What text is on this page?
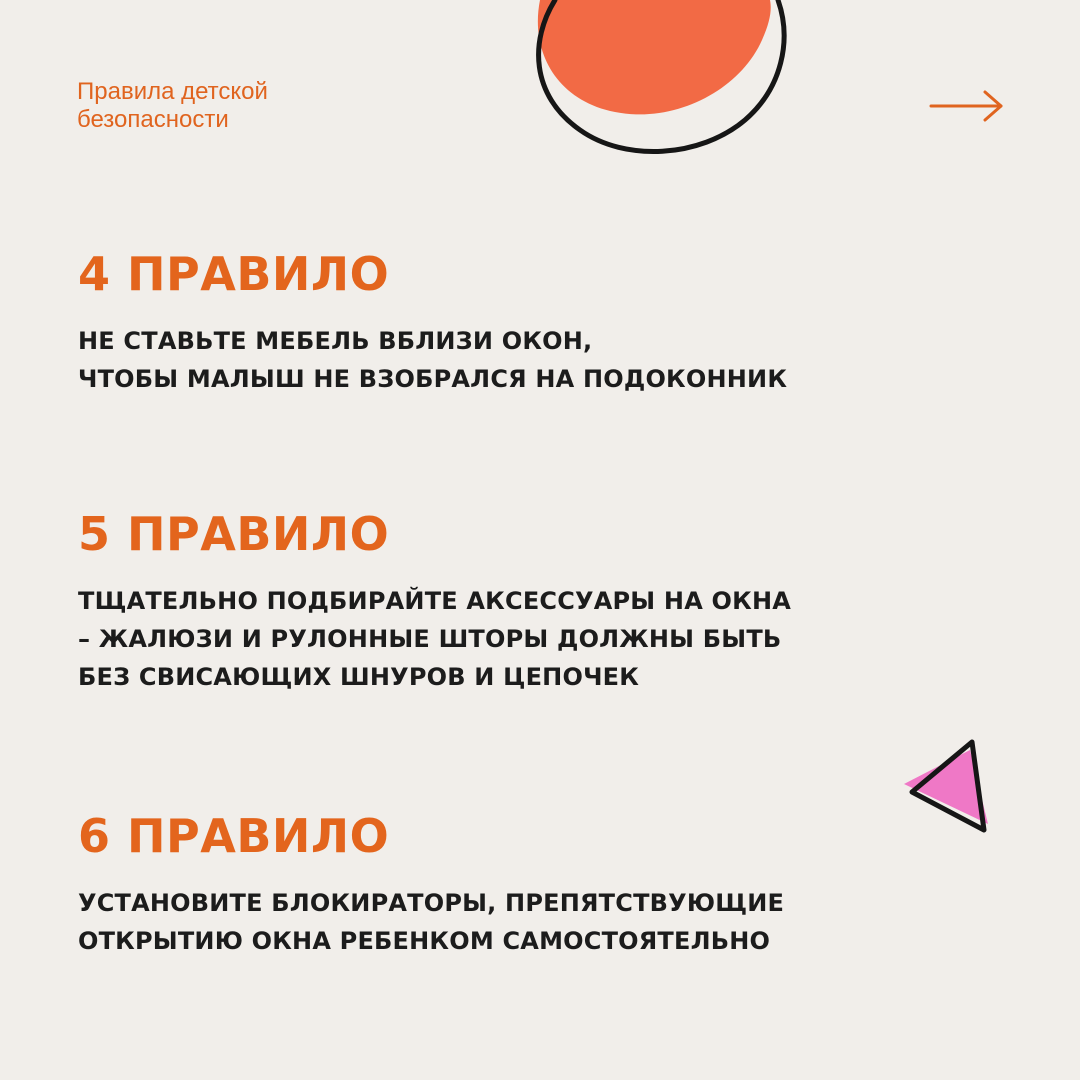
Правила детской
безопасности
4 ПРАВИЛО
НЕ СТАВЬТЕ МЕБЕЛЬ ВБЛИЗИ ОКОН,
ЧТОБЫ МАЛЫШ НЕ ВЗОБРАЛСЯ НА ПОДОКОННИК
5 ПРАВИЛО
ТЩАТЕЛЬНО ПОДБИРАЙТЕ АКСЕССУАРЫ НА ОКНА
– ЖАЛЮЗИ И РУЛОННЫЕ ШТОРЫ ДОЛЖНЫ БЫТЬ
БЕЗ СВИСАЮЩИХ ШНУРОВ И ЦЕПОЧЕК
6 ПРАВИЛО
УСТАНОВИТЕ БЛОКИРАТОРЫ, ПРЕПЯТСТВУЮЩИЕ
ОТКРЫТИЮ ОКНА РЕБЕНКОМ САМОСТОЯТЕЛЬНО
